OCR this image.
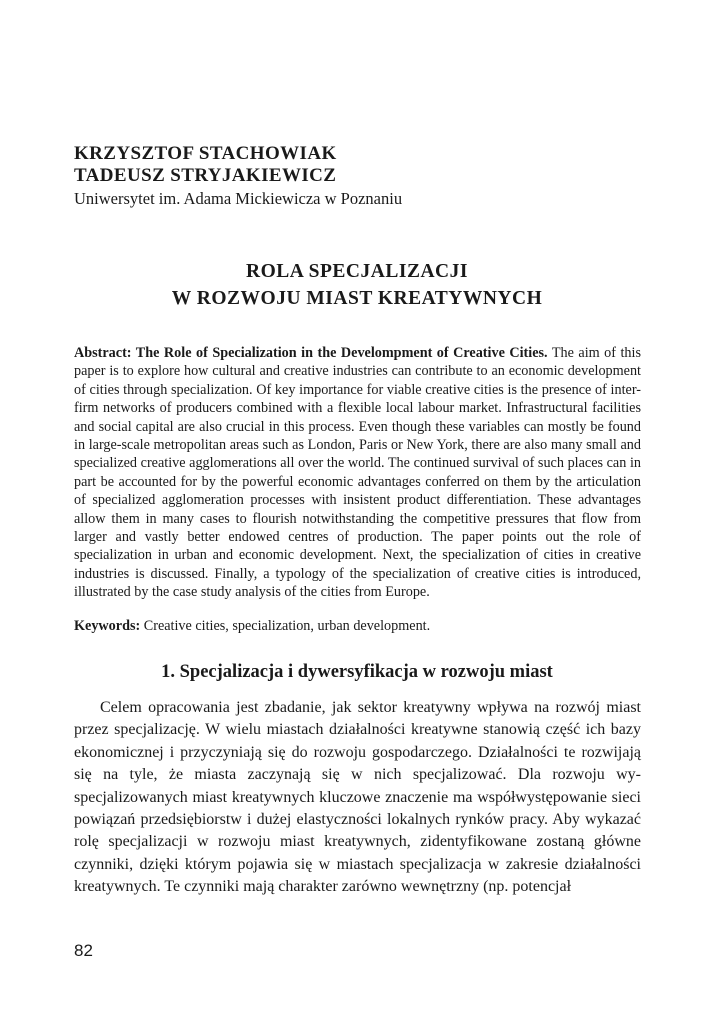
KRZYSZTOF STACHOWIAK
TADEUSZ STRYJAKIEWICZ
Uniwersytet im. Adama Mickiewicza w Poznaniu
ROLA SPECJALIZACJI
W ROZWOJU MIAST KREATYWNYCH
Abstract: The Role of Specialization in the Develompment of Creative Cities. The aim of this paper is to explore how cultural and creative industries can contribute to an economic development of cities through specialization. Of key importance for viable creative cities is the presence of inter-firm networks of producers combined with a flexible local labour market. Infrastructural facilities and social capital are also crucial in this process. Even though these variables can mostly be found in large-scale metropolitan areas such as London, Paris or New York, there are also many small and specialized creative agglomerations all over the world. The continued survival of such places can in part be accounted for by the powerful economic advantages conferred on them by the articulation of specialized agglomeration processes with insistent product differentiation. These advantages allow them in many cases to flourish notwithstanding the competitive pressures that flow from larger and vastly better endowed centres of production. The paper points out the role of specialization in urban and economic development. Next, the specialization of cities in creative industries is discussed. Finally, a typology of the specialization of creative cities is introduced, illustrated by the case study analysis of the cities from Europe.
Keywords: Creative cities, specialization, urban development.
1. Specjalizacja i dywersyfikacja w rozwoju miast
Celem opracowania jest zbadanie, jak sektor kreatywny wpływa na rozwój miast przez specjalizację. W wielu miastach działalności kreatywne stanowią część ich bazy ekonomicznej i przyczyniają się do rozwoju gospodarczego. Działalności te rozwijają się na tyle, że miasta zaczynają się w nich specjalizować. Dla rozwoju wyspecjalizowanych miast kreatywnych kluczowe znaczenie ma współwystępowanie sieci powiązań przedsiębiorstw i dużej elastyczności lokalnych rynków pracy. Aby wykazać rolę specjalizacji w rozwoju miast kreatywnych, zidentyfikowane zostaną główne czynniki, dzięki którym pojawia się w miastach specjalizacja w zakresie działalności kreatywnych. Te czynniki mają charakter zarówno wewnętrzny (np. potencjał
82
